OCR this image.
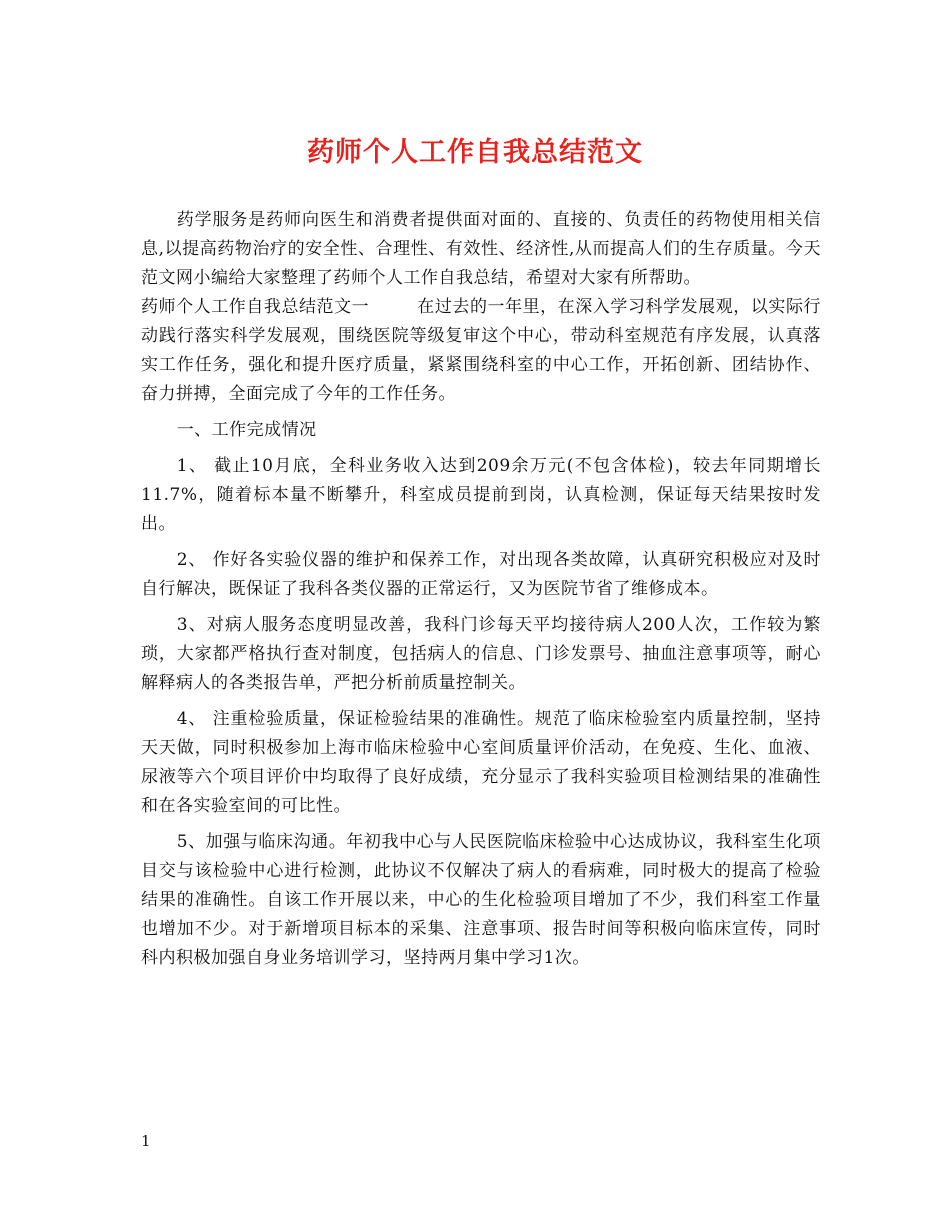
药师个人工作自我总结范文

药学服务是药师向医生和消费者提供面对面的、直接的、负责任的药物使用相关信息,以提高药物治疗的安全性、合理性、有效性、经济性,从而提高人们的生存质量。今天范文网小编给大家整理了药师个人工作自我总结，希望对大家有所帮助。

药师个人工作自我总结范文一	在过去的一年里，在深入学习科学发展观，以实际行动践行落实科学发展观，围绕医院等级复审这个中心，带动科室规范有序发展，认真落实工作任务，强化和提升医疗质量，紧紧围绕科室的中心工作，开拓创新、团结协作、奋力拼搏，全面完成了今年的工作任务。

一、工作完成情况

1、 截止10月底，全科业务收入达到209余万元(不包含体检)，较去年同期增长11.7%，随着标本量不断攀升，科室成员提前到岗，认真检测，保证每天结果按时发出。

2、 作好各实验仪器的维护和保养工作，对出现各类故障，认真研究积极应对及时自行解决，既保证了我科各类仪器的正常运行，又为医院节省了维修成本。

3、对病人服务态度明显改善，我科门诊每天平均接待病人200人次，工作较为繁琐，大家都严格执行查对制度，包括病人的信息、门诊发票号、抽血注意事项等，耐心解释病人的各类报告单，严把分析前质量控制关。

4、 注重检验质量，保证检验结果的准确性。规范了临床检验室内质量控制，坚持天天做，同时积极参加上海市临床检验中心室间质量评价活动，在免疫、生化、血液、尿液等六个项目评价中均取得了良好成绩，充分显示了我科实验项目检测结果的准确性和在各实验室间的可比性。

5、加强与临床沟通。年初我中心与人民医院临床检验中心达成协议，我科室生化项目交与该检验中心进行检测，此协议不仅解决了病人的看病难，同时极大的提高了检验结果的准确性。自该工作开展以来，中心的生化检验项目增加了不少，我们科室工作量也增加不少。对于新增项目标本的采集、注意事项、报告时间等积极向临床宣传，同时科内积极加强自身业务培训学习，坚持两月集中学习1次。

1
